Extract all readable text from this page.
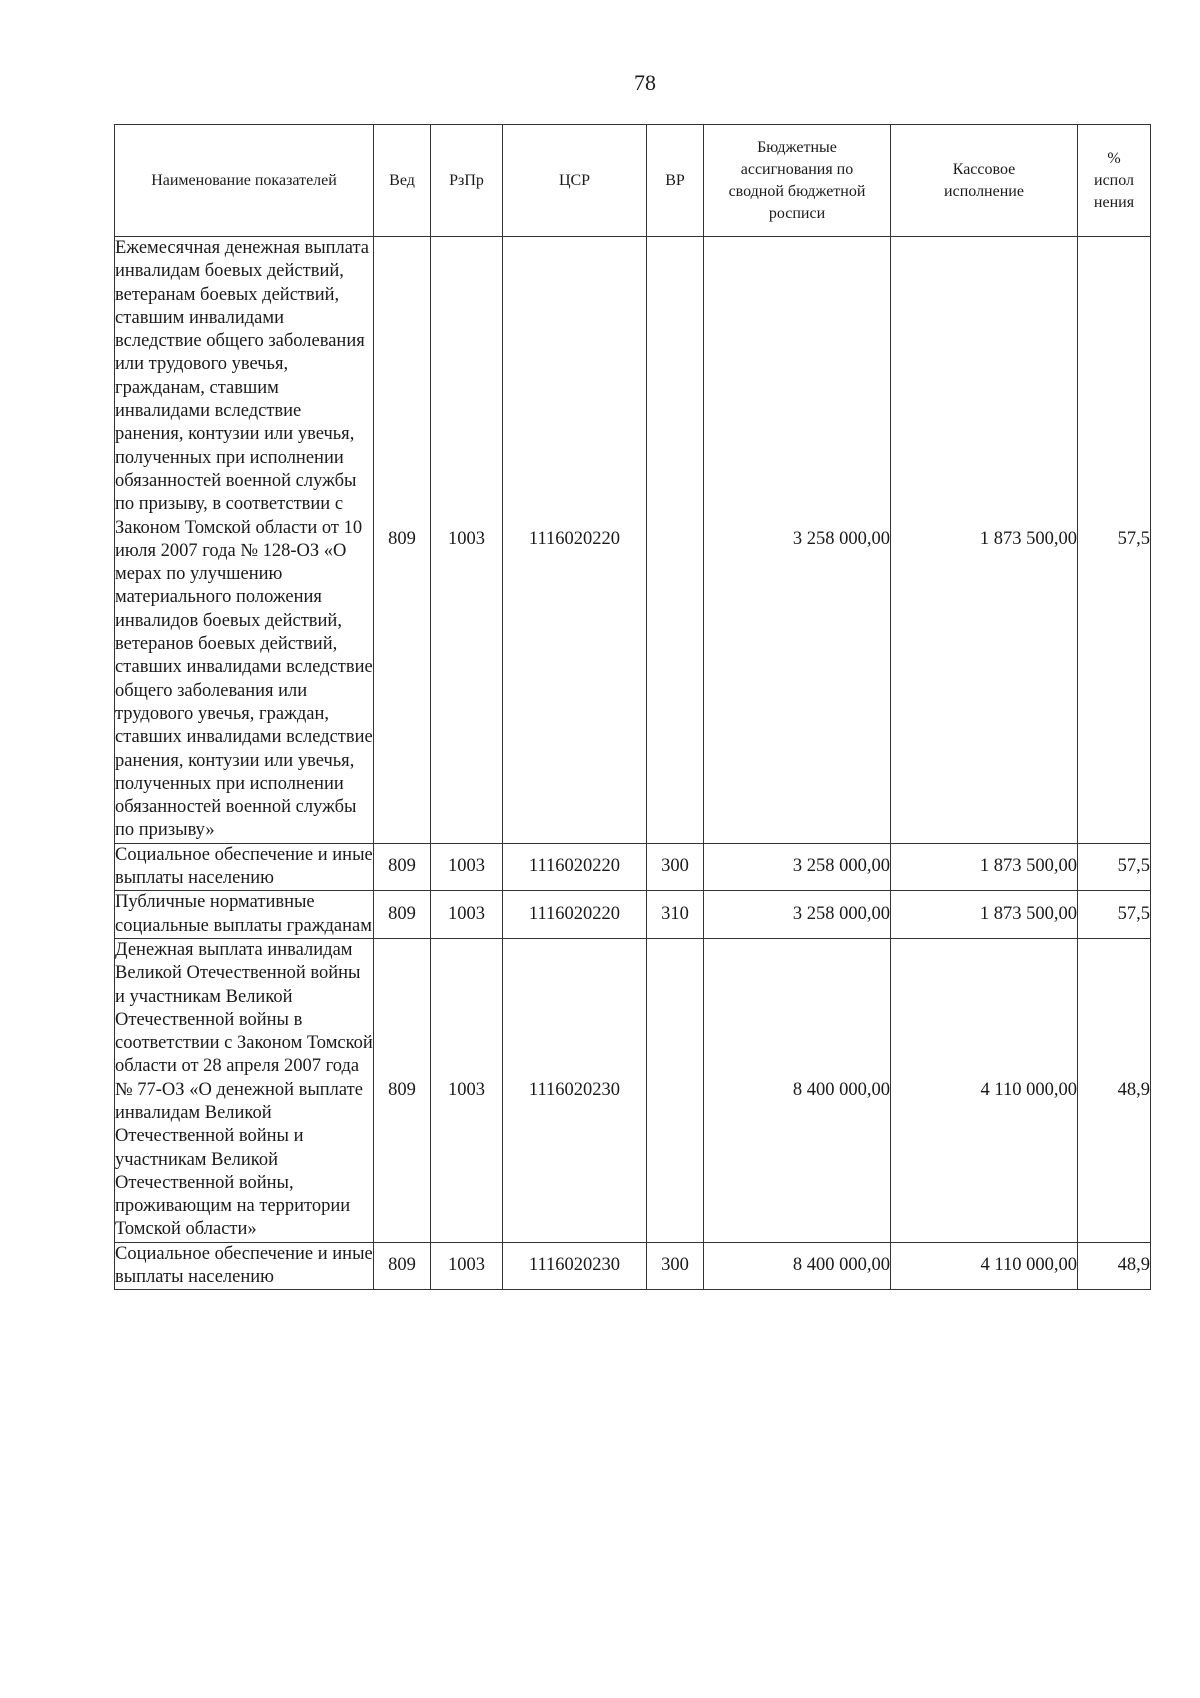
78
Наименование показателей	Вед	РзПр	ЦСР	ВР	Бюджетные ассигнования по сводной бюджетной росписи	Кассовое исполнение	% испол нения
Ежемесячная денежная выплата инвалидам боевых действий, ветеранам боевых действий, ставшим инвалидами вследствие общего заболевания или трудового увечья, гражданам, ставшим инвалидами вследствие ранения, контузии или увечья, полученных при исполнении обязанностей военной службы по призыву, в соответствии с Законом Томской области от 10 июля 2007 года № 128-ОЗ «О мерах по улучшению материального положения инвалидов боевых действий, ветеранов боевых действий, ставших инвалидами вследствие общего заболевания или трудового увечья, граждан, ставших инвалидами вследствие ранения, контузии или увечья, полученных при исполнении обязанностей военной службы по призыву»	809	1003	1116020220		3 258 000,00	1 873 500,00	57,5
Социальное обеспечение и иные выплаты населению	809	1003	1116020220	300	3 258 000,00	1 873 500,00	57,5
Публичные нормативные социальные выплаты гражданам	809	1003	1116020220	310	3 258 000,00	1 873 500,00	57,5
Денежная выплата инвалидам Великой Отечественной войны и участникам Великой Отечественной войны в соответствии с Законом Томской области от 28 апреля 2007 года № 77-ОЗ «О денежной выплате инвалидам Великой Отечественной войны и участникам Великой Отечественной войны, проживающим на территории Томской области»	809	1003	1116020230		8 400 000,00	4 110 000,00	48,9
Социальное обеспечение и иные выплаты населению	809	1003	1116020230	300	8 400 000,00	4 110 000,00	48,9
